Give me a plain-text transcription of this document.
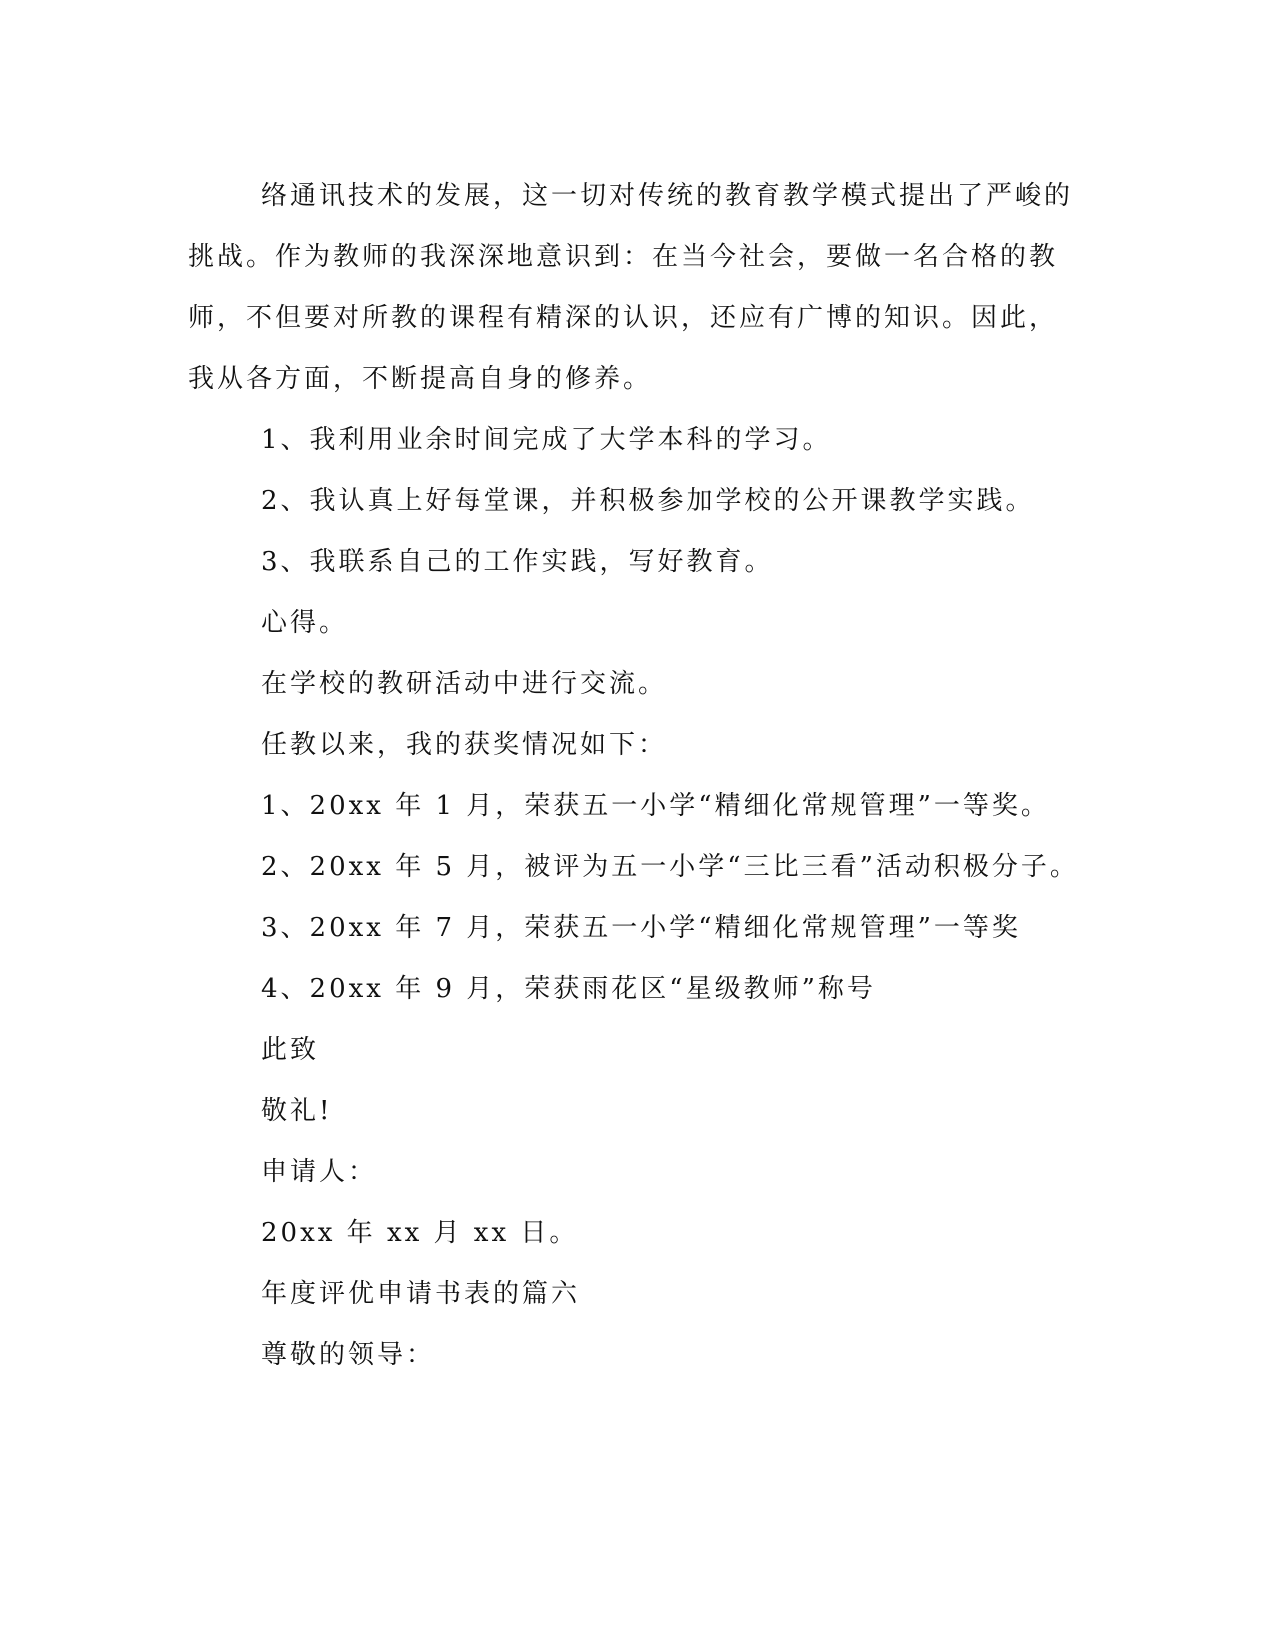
络通讯技术的发展，这一切对传统的教育教学模式提出了严峻的
挑战。作为教师的我深深地意识到：在当今社会，要做一名合格的教
师，不但要对所教的课程有精深的认识，还应有广博的知识。因此，
我从各方面，不断提高自身的修养。
1、我利用业余时间完成了大学本科的学习。
2、我认真上好每堂课，并积极参加学校的公开课教学实践。
3、我联系自己的工作实践，写好教育。
心得。
在学校的教研活动中进行交流。
任教以来，我的获奖情况如下：
1、20xx 年 1 月，荣获五一小学“精细化常规管理”一等奖。
2、20xx 年 5 月，被评为五一小学“三比三看”活动积极分子。
3、20xx 年 7 月，荣获五一小学“精细化常规管理”一等奖
4、20xx 年 9 月，荣获雨花区“星级教师”称号
此致
敬礼!
申请人：
20xx 年 xx 月 xx 日。
年度评优申请书表的篇六
尊敬的领导：
